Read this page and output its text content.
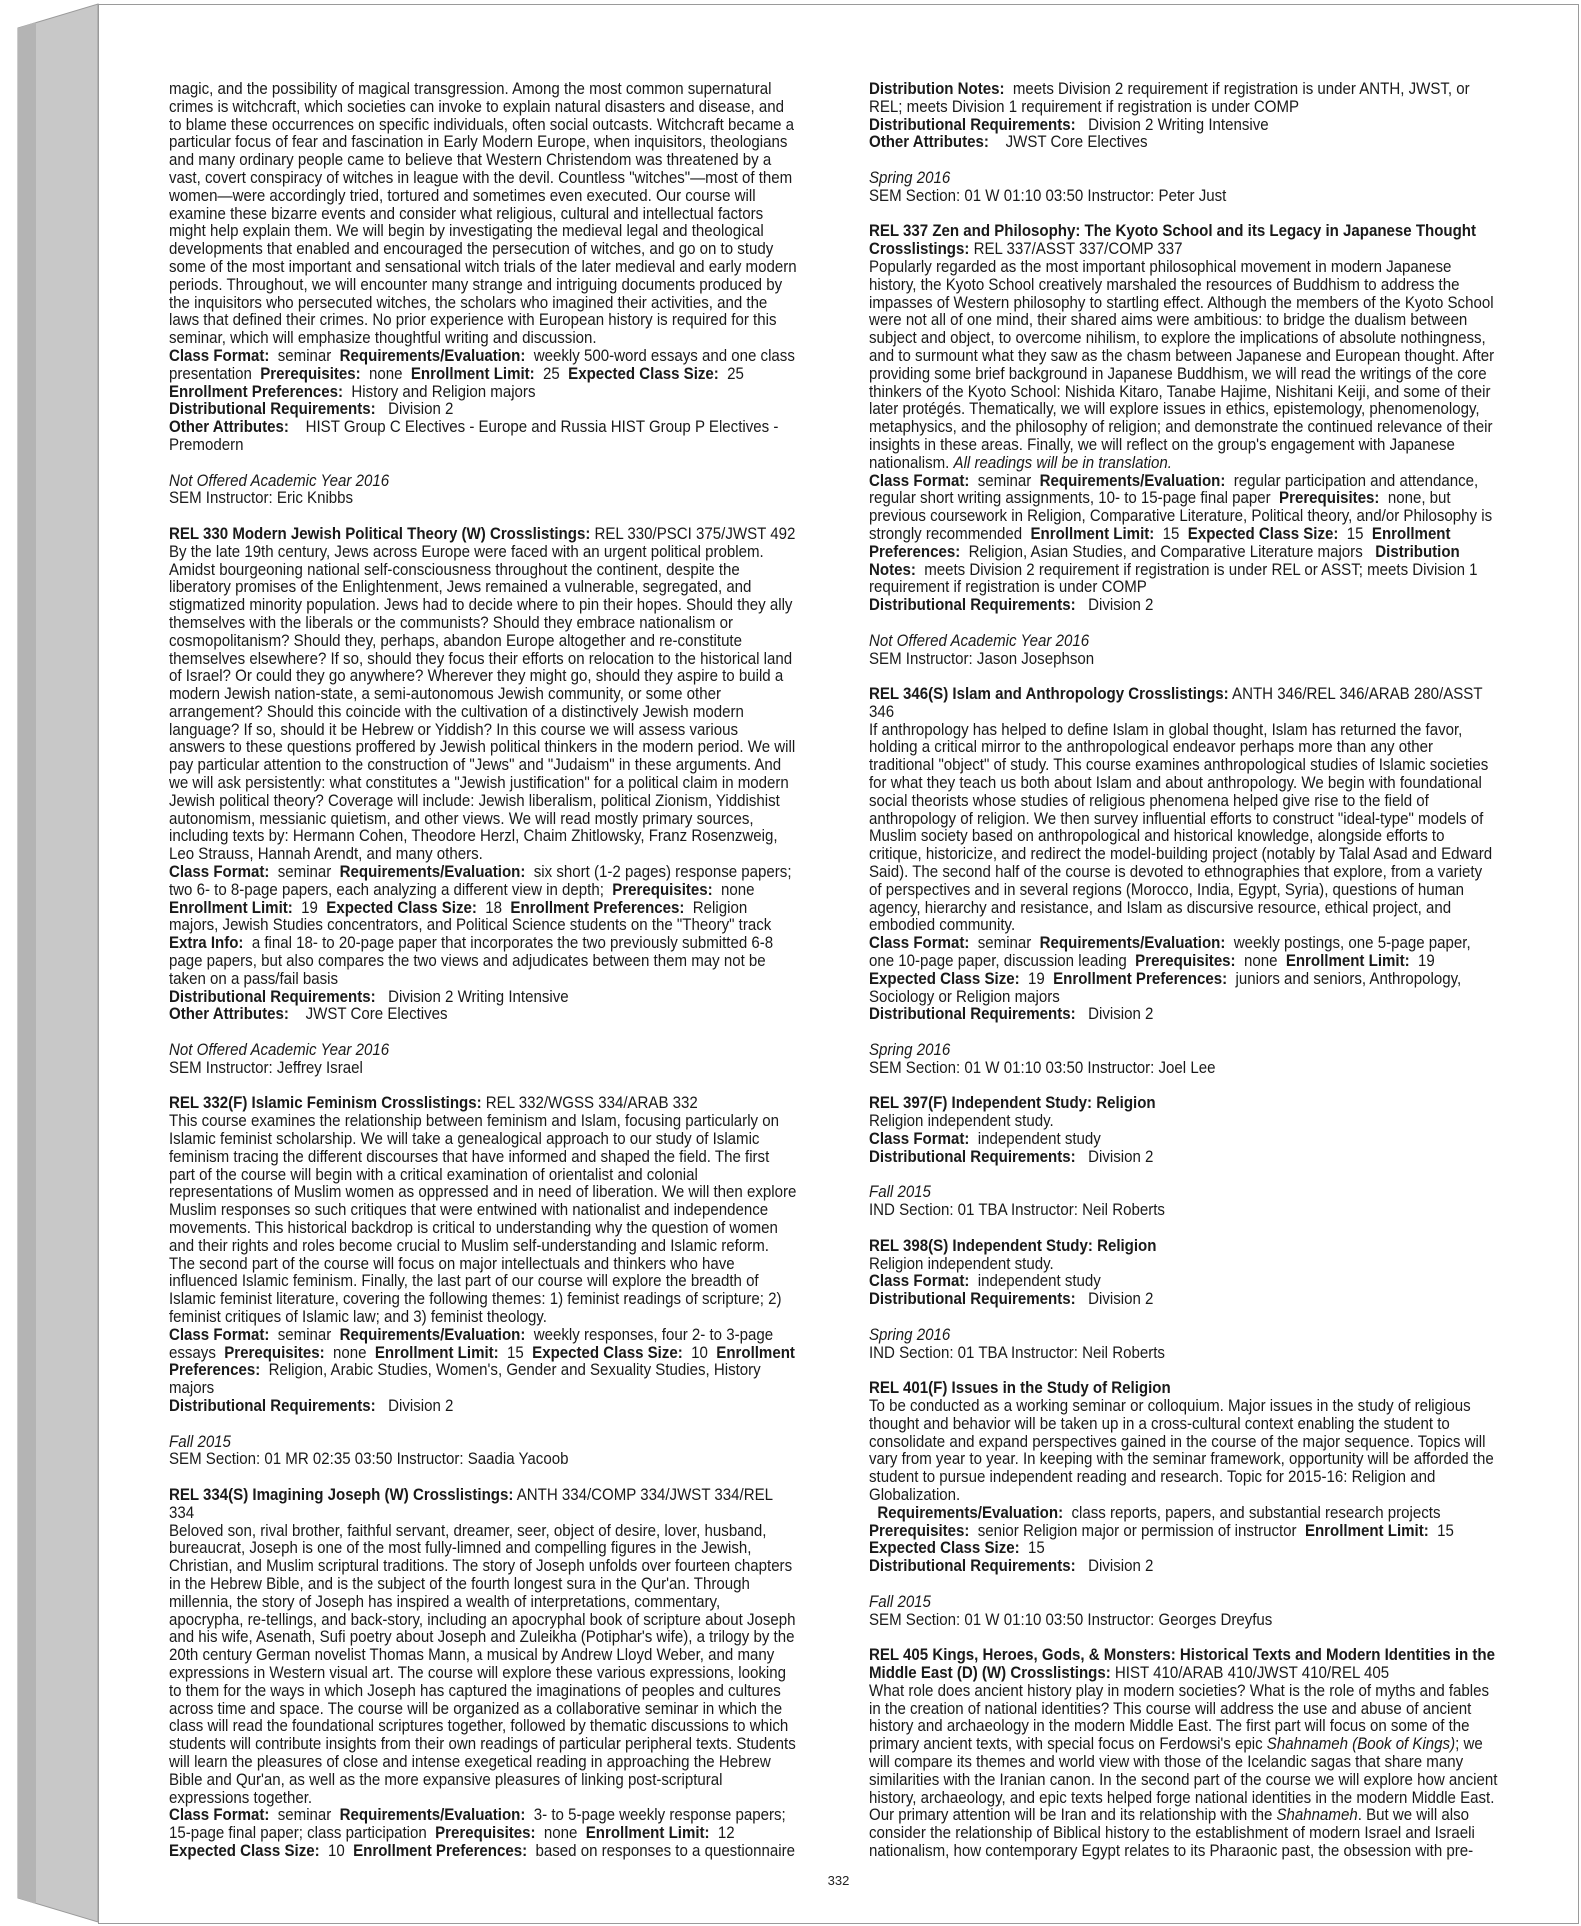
magic, and the possibility of magical transgression. Among the most common supernatural crimes is witchcraft, which societies can invoke to explain natural disasters and disease, and to blame these occurrences on specific individuals, often social outcasts. Witchcraft became a particular focus of fear and fascination in Early Modern Europe, when inquisitors, theologians and many ordinary people came to believe that Western Christendom was threatened by a vast, covert conspiracy of witches in league with the devil. Countless "witches"—most of them women—were accordingly tried, tortured and sometimes even executed. Our course will examine these bizarre events and consider what religious, cultural and intellectual factors might help explain them. We will begin by investigating the medieval legal and theological developments that enabled and encouraged the persecution of witches, and go on to study some of the most important and sensational witch trials of the later medieval and early modern periods. Throughout, we will encounter many strange and intriguing documents produced by the inquisitors who persecuted witches, the scholars who imagined their activities, and the laws that defined their crimes. No prior experience with European history is required for this seminar, which will emphasize thoughtful writing and discussion.
Class Format: seminar Requirements/Evaluation: weekly 500-word essays and one class presentation Prerequisites: none Enrollment Limit: 25 Expected Class Size: 25
Enrollment Preferences: History and Religion majors
Distributional Requirements: Division 2
Other Attributes: HIST Group C Electives - Europe and Russia HIST Group P Electives - Premodern

Not Offered Academic Year 2016
SEM Instructor: Eric Knibbs

REL 330 Modern Jewish Political Theory (W) Crosslistings: REL 330/PSCI 375/JWST 492
By the late 19th century, Jews across Europe were faced with an urgent political problem. Amidst bourgeoning national self-consciousness throughout the continent, despite the liberatory promises of the Enlightenment, Jews remained a vulnerable, segregated, and stigmatized minority population. Jews had to decide where to pin their hopes. Should they ally themselves with the liberals or the communists? Should they embrace nationalism or cosmopolitanism? Should they, perhaps, abandon Europe altogether and re-constitute themselves elsewhere? If so, should they focus their efforts on relocation to the historical land of Israel? Or could they go anywhere? Wherever they might go, should they aspire to build a modern Jewish nation-state, a semi-autonomous Jewish community, or some other arrangement? Should this coincide with the cultivation of a distinctively Jewish modern language? If so, should it be Hebrew or Yiddish? In this course we will assess various answers to these questions proffered by Jewish political thinkers in the modern period. We will pay particular attention to the construction of "Jews" and "Judaism" in these arguments. And we will ask persistently: what constitutes a "Jewish justification" for a political claim in modern Jewish political theory? Coverage will include: Jewish liberalism, political Zionism, Yiddishist autonomism, messianic quietism, and other views. We will read mostly primary sources, including texts by: Hermann Cohen, Theodore Herzl, Chaim Zhitlowsky, Franz Rosenzweig, Leo Strauss, Hannah Arendt, and many others.
Class Format: seminar Requirements/Evaluation: six short (1-2 pages) response papers; two 6- to 8-page papers, each analyzing a different view in depth; Prerequisites: none
Enrollment Limit: 19 Expected Class Size: 18 Enrollment Preferences: Religion majors, Jewish Studies concentrators, and Political Science students on the "Theory" track    Extra Info: a final 18- to 20-page paper that incorporates the two previously submitted 6-8 page papers, but also compares the two views and adjudicates between them may not be taken on a pass/fail basis
Distributional Requirements: Division 2 Writing Intensive
Other Attributes: JWST Core Electives

Not Offered Academic Year 2016
SEM Instructor: Jeffrey Israel

REL 332(F) Islamic Feminism Crosslistings: REL 332/WGSS 334/ARAB 332
This course examines the relationship between feminism and Islam, focusing particularly on Islamic feminist scholarship. We will take a genealogical approach to our study of Islamic feminism tracing the different discourses that have informed and shaped the field. The first part of the course will begin with a critical examination of orientalist and colonial representations of Muslim women as oppressed and in need of liberation. We will then explore Muslim responses so such critiques that were entwined with nationalist and independence movements. This historical backdrop is critical to understanding why the question of women and their rights and roles become crucial to Muslim self-understanding and Islamic reform. The second part of the course will focus on major intellectuals and thinkers who have influenced Islamic feminism. Finally, the last part of our course will explore the breadth of Islamic feminist literature, covering the following themes: 1) feminist readings of scripture; 2) feminist critiques of Islamic law; and 3) feminist theology.
Class Format: seminar Requirements/Evaluation: weekly responses, four 2- to 3-page essays Prerequisites: none Enrollment Limit: 15 Expected Class Size: 10 Enrollment Preferences: Religion, Arabic Studies, Women's, Gender and Sexuality Studies, History majors
Distributional Requirements: Division 2

Fall 2015
SEM Section: 01 MR 02:35 03:50 Instructor: Saadia Yacoob

REL 334(S) Imagining Joseph (W) Crosslistings: ANTH 334/COMP 334/JWST 334/REL 334
Beloved son, rival brother, faithful servant, dreamer, seer, object of desire, lover, husband, bureaucrat, Joseph is one of the most fully-limned and compelling figures in the Jewish, Christian, and Muslim scriptural traditions. The story of Joseph unfolds over fourteen chapters in the Hebrew Bible, and is the subject of the fourth longest sura in the Qur'an. Through millennia, the story of Joseph has inspired a wealth of interpretations, commentary, apocrypha, re-tellings, and back-story, including an apocryphal book of scripture about Joseph and his wife, Asenath, Sufi poetry about Joseph and Zuleikha (Potiphar's wife), a trilogy by the 20th century German novelist Thomas Mann, a musical by Andrew Lloyd Weber, and many expressions in Western visual art. The course will explore these various expressions, looking to them for the ways in which Joseph has captured the imaginations of peoples and cultures across time and space. The course will be organized as a collaborative seminar in which the class will read the foundational scriptures together, followed by thematic discussions to which students will contribute insights from their own readings of particular peripheral texts. Students will learn the pleasures of close and intense exegetical reading in approaching the Hebrew Bible and Qur'an, as well as the more expansive pleasures of linking post-scriptural expressions together.
Class Format: seminar Requirements/Evaluation: 3- to 5-page weekly response papers; 15-page final paper; class participation Prerequisites: none Enrollment Limit: 12
Expected Class Size: 10 Enrollment Preferences: based on responses to a questionnaire

Distribution Notes: meets Division 2 requirement if registration is under ANTH, JWST, or REL; meets Division 1 requirement if registration is under COMP
Distributional Requirements: Division 2 Writing Intensive
Other Attributes: JWST Core Electives

Spring 2016
SEM Section: 01 W 01:10 03:50 Instructor: Peter Just

REL 337 Zen and Philosophy: The Kyoto School and its Legacy in Japanese Thought
Crosslistings: REL 337/ASST 337/COMP 337
Popularly regarded as the most important philosophical movement in modern Japanese history, the Kyoto School creatively marshaled the resources of Buddhism to address the impasses of Western philosophy to startling effect. Although the members of the Kyoto School were not all of one mind, their shared aims were ambitious: to bridge the dualism between subject and object, to overcome nihilism, to explore the implications of absolute nothingness, and to surmount what they saw as the chasm between Japanese and European thought. After providing some brief background in Japanese Buddhism, we will read the writings of the core thinkers of the Kyoto School: Nishida Kitaro, Tanabe Hajime, Nishitani Keiji, and some of their later protégés. Thematically, we will explore issues in ethics, epistemology, phenomenology, metaphysics, and the philosophy of religion; and demonstrate the continued relevance of their insights in these areas. Finally, we will reflect on the group's engagement with Japanese nationalism. All readings will be in translation.
Class Format: seminar Requirements/Evaluation: regular participation and attendance, regular short writing assignments, 10- to 15-page final paper Prerequisites: none, but previous coursework in Religion, Comparative Literature, Political theory, and/or Philosophy is strongly recommended Enrollment Limit: 15 Expected Class Size: 15 Enrollment Preferences: Religion, Asian Studies, and Comparative Literature majors Distribution Notes: meets Division 2 requirement if registration is under REL or ASST; meets Division 1 requirement if registration is under COMP
Distributional Requirements: Division 2

Not Offered Academic Year 2016
SEM Instructor: Jason Josephson

REL 346(S) Islam and Anthropology Crosslistings: ANTH 346/REL 346/ARAB 280/ASST 346
If anthropology has helped to define Islam in global thought, Islam has returned the favor, holding a critical mirror to the anthropological endeavor perhaps more than any other traditional "object" of study. This course examines anthropological studies of Islamic societies for what they teach us both about Islam and about anthropology. We begin with foundational social theorists whose studies of religious phenomena helped give rise to the field of anthropology of religion. We then survey influential efforts to construct "ideal-type" models of Muslim society based on anthropological and historical knowledge, alongside efforts to critique, historicize, and redirect the model-building project (notably by Talal Asad and Edward Said). The second half of the course is devoted to ethnographies that explore, from a variety of perspectives and in several regions (Morocco, India, Egypt, Syria), questions of human agency, hierarchy and resistance, and Islam as discursive resource, ethical project, and embodied community.
Class Format: seminar Requirements/Evaluation: weekly postings, one 5-page paper, one 10-page paper, discussion leading Prerequisites: none Enrollment Limit: 19  Expected Class Size: 19 Enrollment Preferences: juniors and seniors, Anthropology, Sociology or Religion majors
Distributional Requirements: Division 2

Spring 2016
SEM Section: 01 W 01:10 03:50 Instructor: Joel Lee

REL 397(F) Independent Study: Religion
Religion independent study.
Class Format: independent study
Distributional Requirements: Division 2

Fall 2015
IND Section: 01 TBA Instructor: Neil Roberts

REL 398(S) Independent Study: Religion
Religion independent study.
Class Format: independent study
Distributional Requirements: Division 2

Spring 2016
IND Section: 01 TBA Instructor: Neil Roberts

REL 401(F) Issues in the Study of Religion
To be conducted as a working seminar or colloquium. Major issues in the study of religious thought and behavior will be taken up in a cross-cultural context enabling the student to consolidate and expand perspectives gained in the course of the major sequence. Topics will vary from year to year. In keeping with the seminar framework, opportunity will be afforded the student to pursue independent reading and research. Topic for 2015-16: Religion and Globalization.
Requirements/Evaluation: class reports, papers, and substantial research projects
Prerequisites: senior Religion major or permission of instructor Enrollment Limit: 15
Expected Class Size: 15
Distributional Requirements: Division 2

Fall 2015
SEM Section: 01 W 01:10 03:50 Instructor: Georges Dreyfus

REL 405 Kings, Heroes, Gods, & Monsters: Historical Texts and Modern Identities in the Middle East (D) (W) Crosslistings: HIST 410/ARAB 410/JWST 410/REL 405
What role does ancient history play in modern societies? What is the role of myths and fables in the creation of national identities? This course will address the use and abuse of ancient history and archaeology in the modern Middle East. The first part will focus on some of the primary ancient texts, with special focus on Ferdowsi's epic Shahnameh (Book of Kings); we will compare its themes and world view with those of the Icelandic sagas that share many similarities with the Iranian canon. In the second part of the course we will explore how ancient history, archaeology, and epic texts helped forge national identities in the modern Middle East. Our primary attention will be Iran and its relationship with the Shahnameh. But we will also consider the relationship of Biblical history to the establishment of modern Israel and Israeli nationalism, how contemporary Egypt relates to its Pharaonic past, the obsession with pre-

332
